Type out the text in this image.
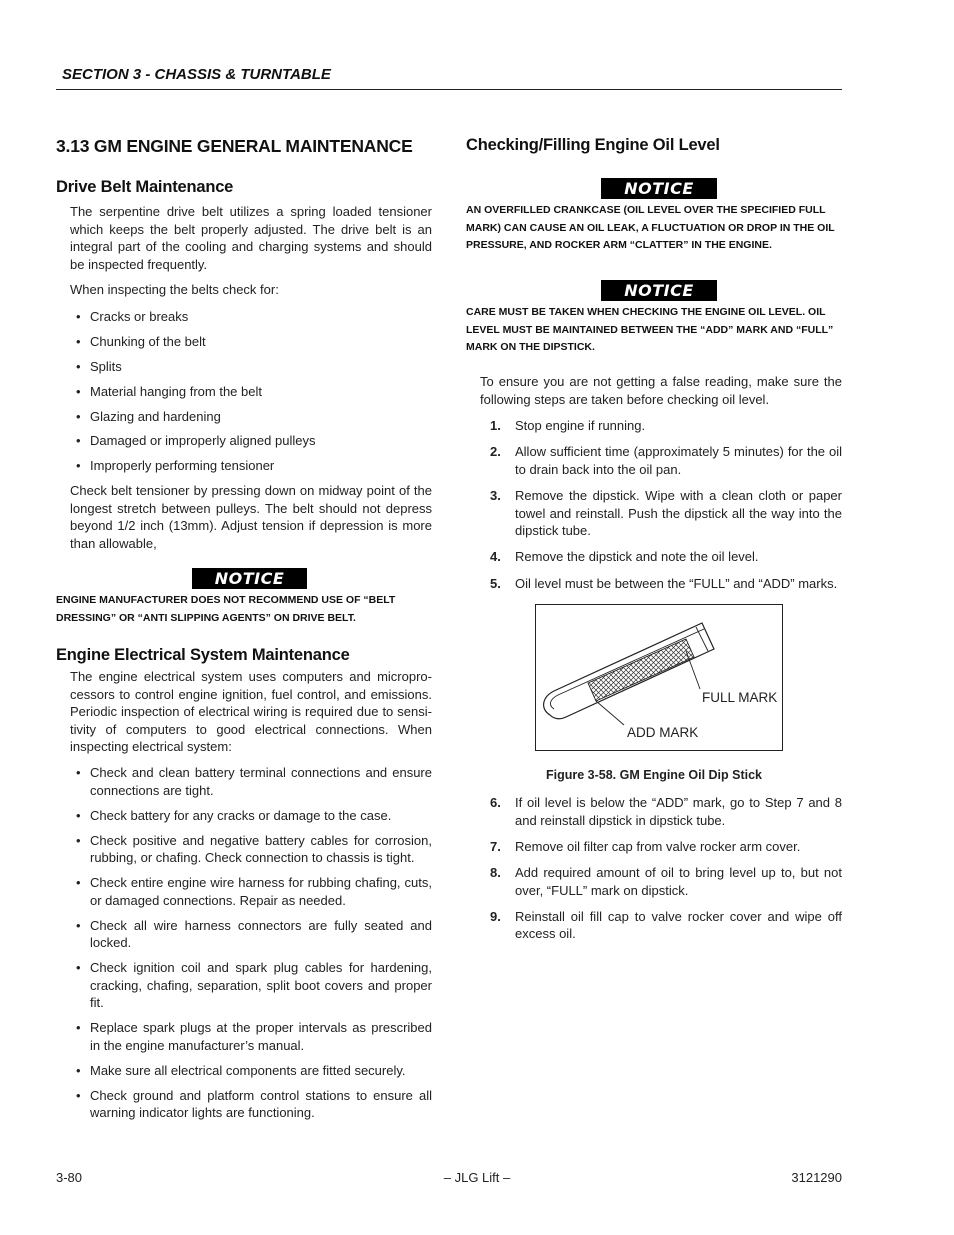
SECTION 3 - CHASSIS & TURNTABLE
3.13 GM ENGINE GENERAL MAINTENANCE
Drive Belt Maintenance
The serpentine drive belt utilizes a spring loaded tensioner which keeps the belt properly adjusted. The drive belt is an integral part of the cooling and charging systems and should be inspected frequently.
When inspecting the belts check for:
• Cracks or breaks
• Chunking of the belt
• Splits
• Material hanging from the belt
• Glazing and hardening
• Damaged or improperly aligned pulleys
• Improperly performing tensioner
Check belt tensioner by pressing down on midway point of the longest stretch between pulleys. The belt should not depress beyond 1/2 inch (13mm). Adjust tension if depression is more than allowable,
NOTICE
ENGINE MANUFACTURER DOES NOT RECOMMEND USE OF “BELT DRESSING” OR “ANTI SLIPPING AGENTS” ON DRIVE BELT.
Engine Electrical System Maintenance
The engine electrical system uses computers and microprocessors to control engine ignition, fuel control, and emissions. Periodic inspection of electrical wiring is required due to sensitivity of computers to good electrical connections. When inspecting electrical system:
• Check and clean battery terminal connections and ensure connections are tight.
• Check battery for any cracks or damage to the case.
• Check positive and negative battery cables for corrosion, rubbing, or chafing. Check connection to chassis is tight.
• Check entire engine wire harness for rubbing chafing, cuts, or damaged connections. Repair as needed.
• Check all wire harness connectors are fully seated and locked.
• Check ignition coil and spark plug cables for hardening, cracking, chafing, separation, split boot covers and proper fit.
• Replace spark plugs at the proper intervals as prescribed in the engine manufacturer’s manual.
• Make sure all electrical components are fitted securely.
• Check ground and platform control stations to ensure all warning indicator lights are functioning.
Checking/Filling Engine Oil Level
NOTICE
AN OVERFILLED CRANKCASE (OIL LEVEL OVER THE SPECIFIED FULL MARK) CAN CAUSE AN OIL LEAK, A FLUCTUATION OR DROP IN THE OIL PRESSURE, AND ROCKER ARM “CLATTER” IN THE ENGINE.
NOTICE
CARE MUST BE TAKEN WHEN CHECKING THE ENGINE OIL LEVEL. OIL LEVEL MUST BE MAINTAINED BETWEEN THE “ADD” MARK AND “FULL” MARK ON THE DIPSTICK.
To ensure you are not getting a false reading, make sure the following steps are taken before checking oil level.
1. Stop engine if running.
2. Allow sufficient time (approximately 5 minutes) for the oil to drain back into the oil pan.
3. Remove the dipstick. Wipe with a clean cloth or paper towel and reinstall. Push the dipstick all the way into the dipstick tube.
4. Remove the dipstick and note the oil level.
5. Oil level must be between the “FULL” and “ADD” marks.
FULL MARK
ADD MARK
Figure 3-58. GM Engine Oil Dip Stick
6. If oil level is below the “ADD” mark, go to Step 7 and 8 and reinstall dipstick in dipstick tube.
7. Remove oil filter cap from valve rocker arm cover.
8. Add required amount of oil to bring level up to, but not over, “FULL” mark on dipstick.
9. Reinstall oil fill cap to valve rocker cover and wipe off excess oil.
3-80	– JLG Lift –	3121290
